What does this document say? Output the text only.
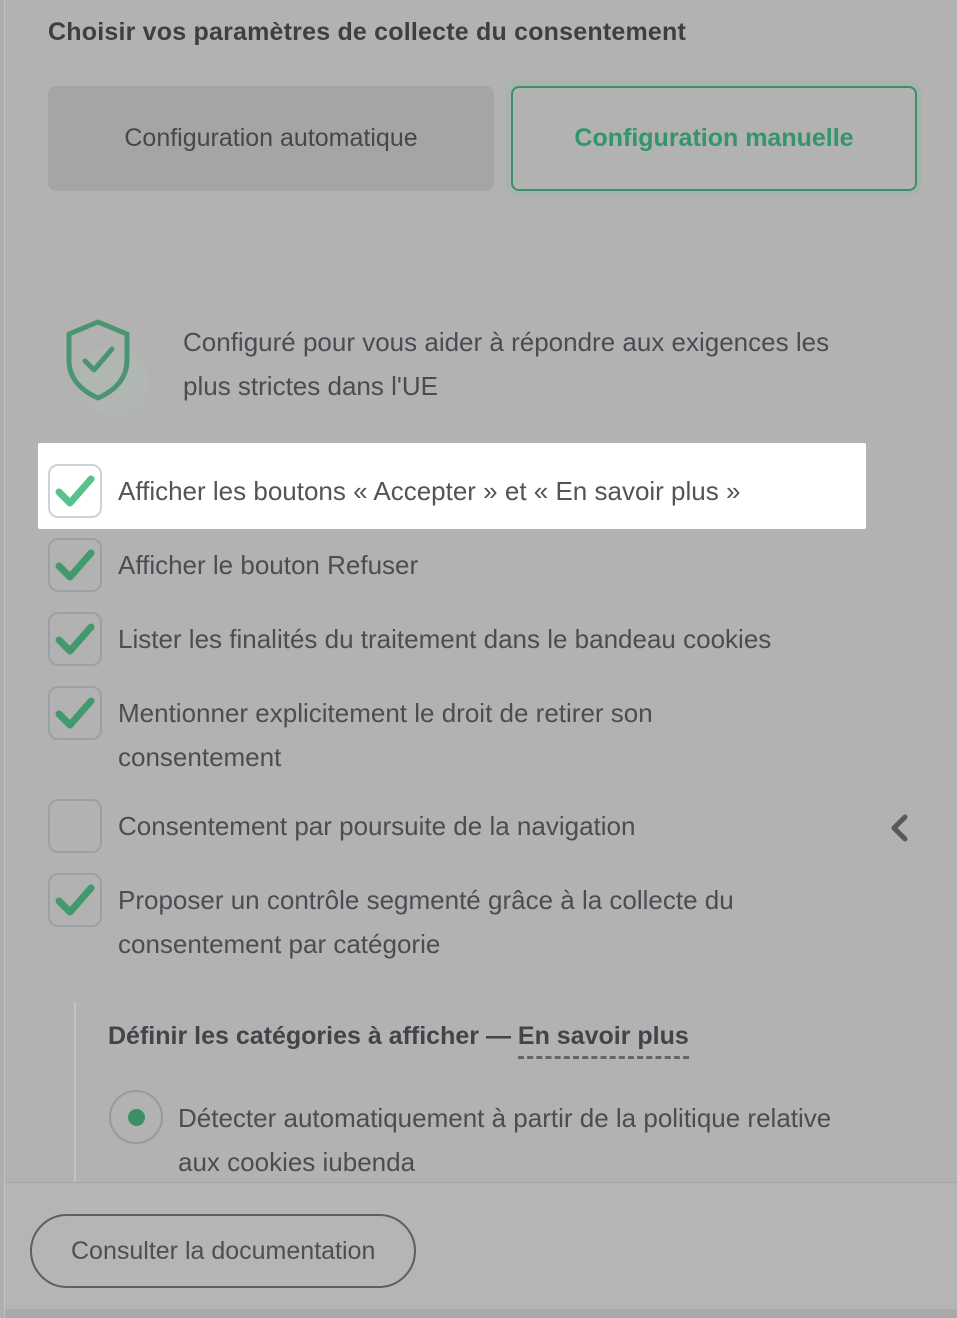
Choisir vos paramètres de collecte du consentement
Configuration automatique	Configuration manuelle
Configuré pour vous aider à répondre aux exigences les plus strictes dans l'UE
Afficher les boutons « Accepter » et « En savoir plus »
Afficher le bouton Refuser
Lister les finalités du traitement dans le bandeau cookies
Mentionner explicitement le droit de retirer son consentement
Consentement par poursuite de la navigation
Proposer un contrôle segmenté grâce à la collecte du consentement par catégorie
Définir les catégories à afficher — En savoir plus
Détecter automatiquement à partir de la politique relative aux cookies iubenda
Consulter la documentation
